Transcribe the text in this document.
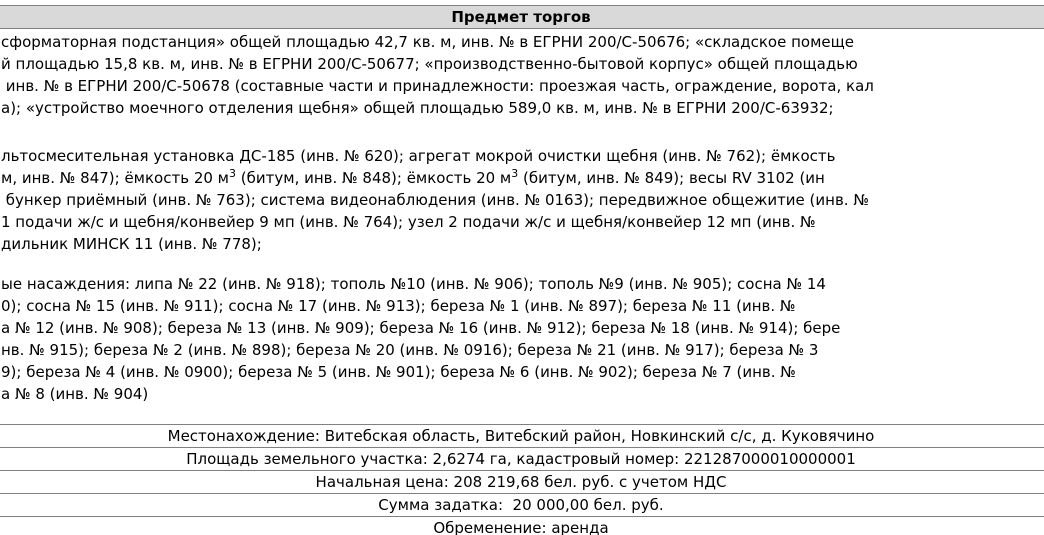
Предмет торгов

сформаторная подстанция» общей площадью 42,7 кв. м, инв. № в ЕГРНИ 200/С-50676; «складское помеще
й площадью 15,8 кв. м, инв. № в ЕГРНИ 200/С-50677; «производственно-бытовой корпус» общей площадью
инв. № в ЕГРНИ 200/С-50678 (составные части и принадлежности: проезжая часть, ограждение, ворота, кал
а); «устройство моечного отделения щебня» общей площадью 589,0 кв. м, инв. № в ЕГРНИ 200/С-63932;
льтосмесительная установка ДС-185 (инв. № 620); агрегат мокрой очистки щебня (инв. № 762); ёмкость
м, инв. № 847); ёмкость 20 $м^3$ (битум, инв. № 848); ёмкость 20 $м^3$ (битум, инв. № 849); весы RV 3102 (ин
бункер приёмный (инв. № 763); система видеонаблюдения (инв. № 0163); передвижное общежитие (инв. №
1 подачи ж/с и щебня/конвейер 9 мп (инв. № 764); узел 2 подачи ж/с и щебня/конвейер 12 мп (инв. №
дильник МИНСК 11 (инв. № 778);
ые насаждения: липа № 22 (инв. № 918); тополь №10 (инв. № 906); тополь №9 (инв. № 905); сосна № 14
0); сосна № 15 (инв. № 911); сосна № 17 (инв. № 913); береза № 1 (инв. № 897); береза № 11 (инв. №
а № 12 (инв. № 908); береза № 13 (инв. № 909); береза № 16 (инв. № 912); береза № 18 (инв. № 914); бере
нв. № 915); береза № 2 (инв. № 898); береза № 20 (инв. № 0916); береза № 21 (инв. № 917); береза № 3
9); береза № 4 (инв. № 0900); береза № 5 (инв. № 901); береза № 6 (инв. № 902); береза № 7 (инв. №
а № 8 (инв. № 904)

Местонахождение: Витебская область, Витебский район, Новкинский с/с, д. Куковячино
Площадь земельного участка: 2,6274 га, кадастровый номер: 221287000010000001
Начальная цена: 208 219,68 бел. руб. с учетом НДС
Сумма задатка:  20 000,00 бел. руб.
Обременение: аренда
